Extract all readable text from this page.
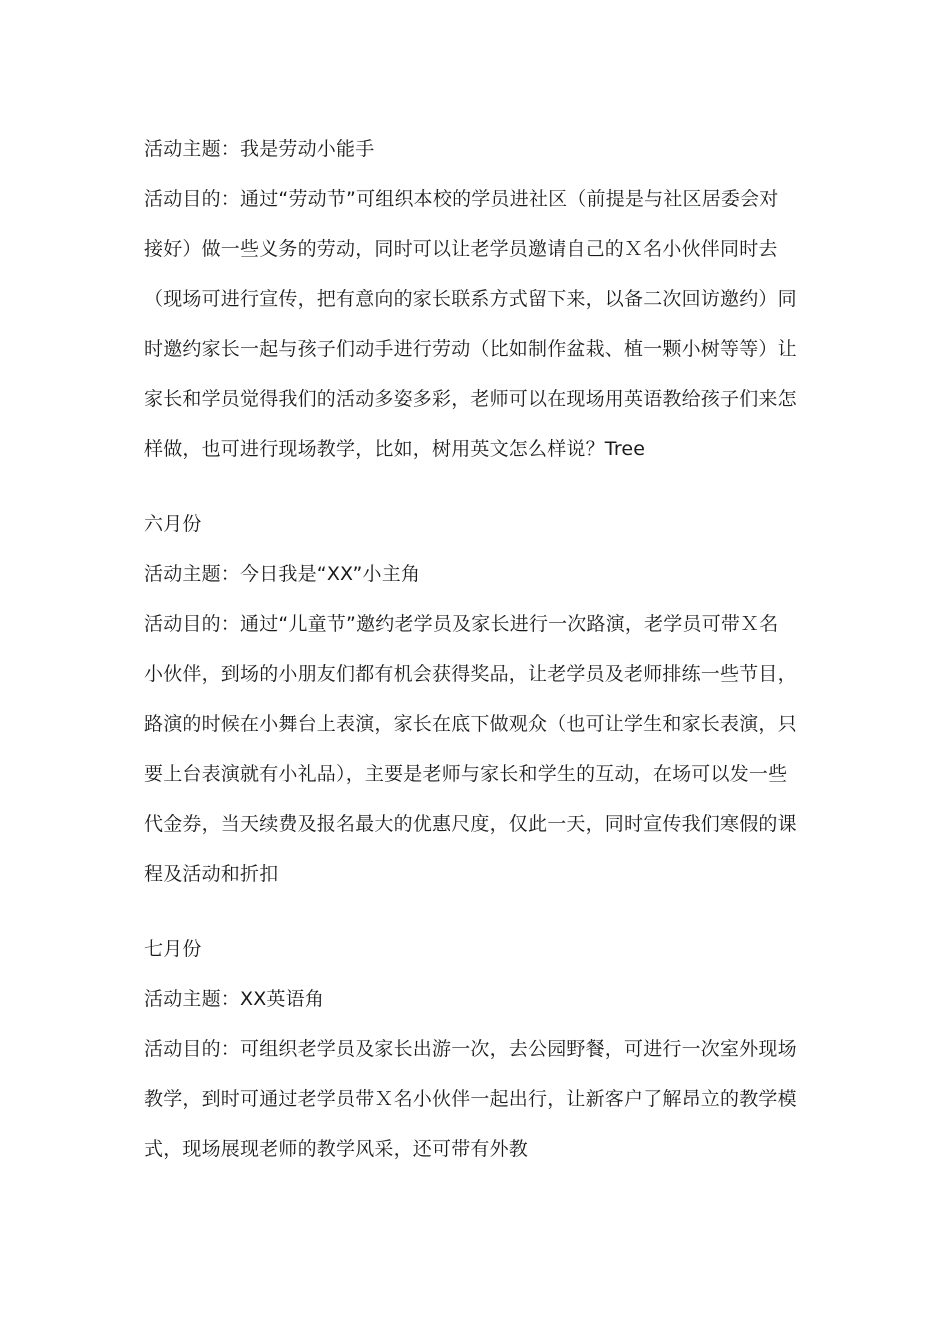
活动主题：我是劳动小能手
活动目的：通过“劳动节”可组织本校的学员进社区（前提是与社区居委会对
接好）做一些义务的劳动，同时可以让老学员邀请自己的Ｘ名小伙伴同时去
（现场可进行宣传，把有意向的家长联系方式留下来，以备二次回访邀约）同
时邀约家长一起与孩子们动手进行劳动（比如制作盆栽、植一颗小树等等）让
家长和学员觉得我们的活动多姿多彩，老师可以在现场用英语教给孩子们来怎
样做，也可进行现场教学，比如，树用英文怎么样说？Tree
六月份
活动主题：今日我是“XX”小主角
活动目的：通过“儿童节”邀约老学员及家长进行一次路演，老学员可带Ｘ名
小伙伴，到场的小朋友们都有机会获得奖品，让老学员及老师排练一些节目，
路演的时候在小舞台上表演，家长在底下做观众（也可让学生和家长表演，只
要上台表演就有小礼品），主要是老师与家长和学生的互动，在场可以发一些
代金券，当天续费及报名最大的优惠尺度，仅此一天，同时宣传我们寒假的课
程及活动和折扣
七月份
活动主题：XX英语角
活动目的：可组织老学员及家长出游一次，去公园野餐，可进行一次室外现场
教学，到时可通过老学员带Ｘ名小伙伴一起出行，让新客户了解昂立的教学模
式，现场展现老师的教学风采，还可带有外教
